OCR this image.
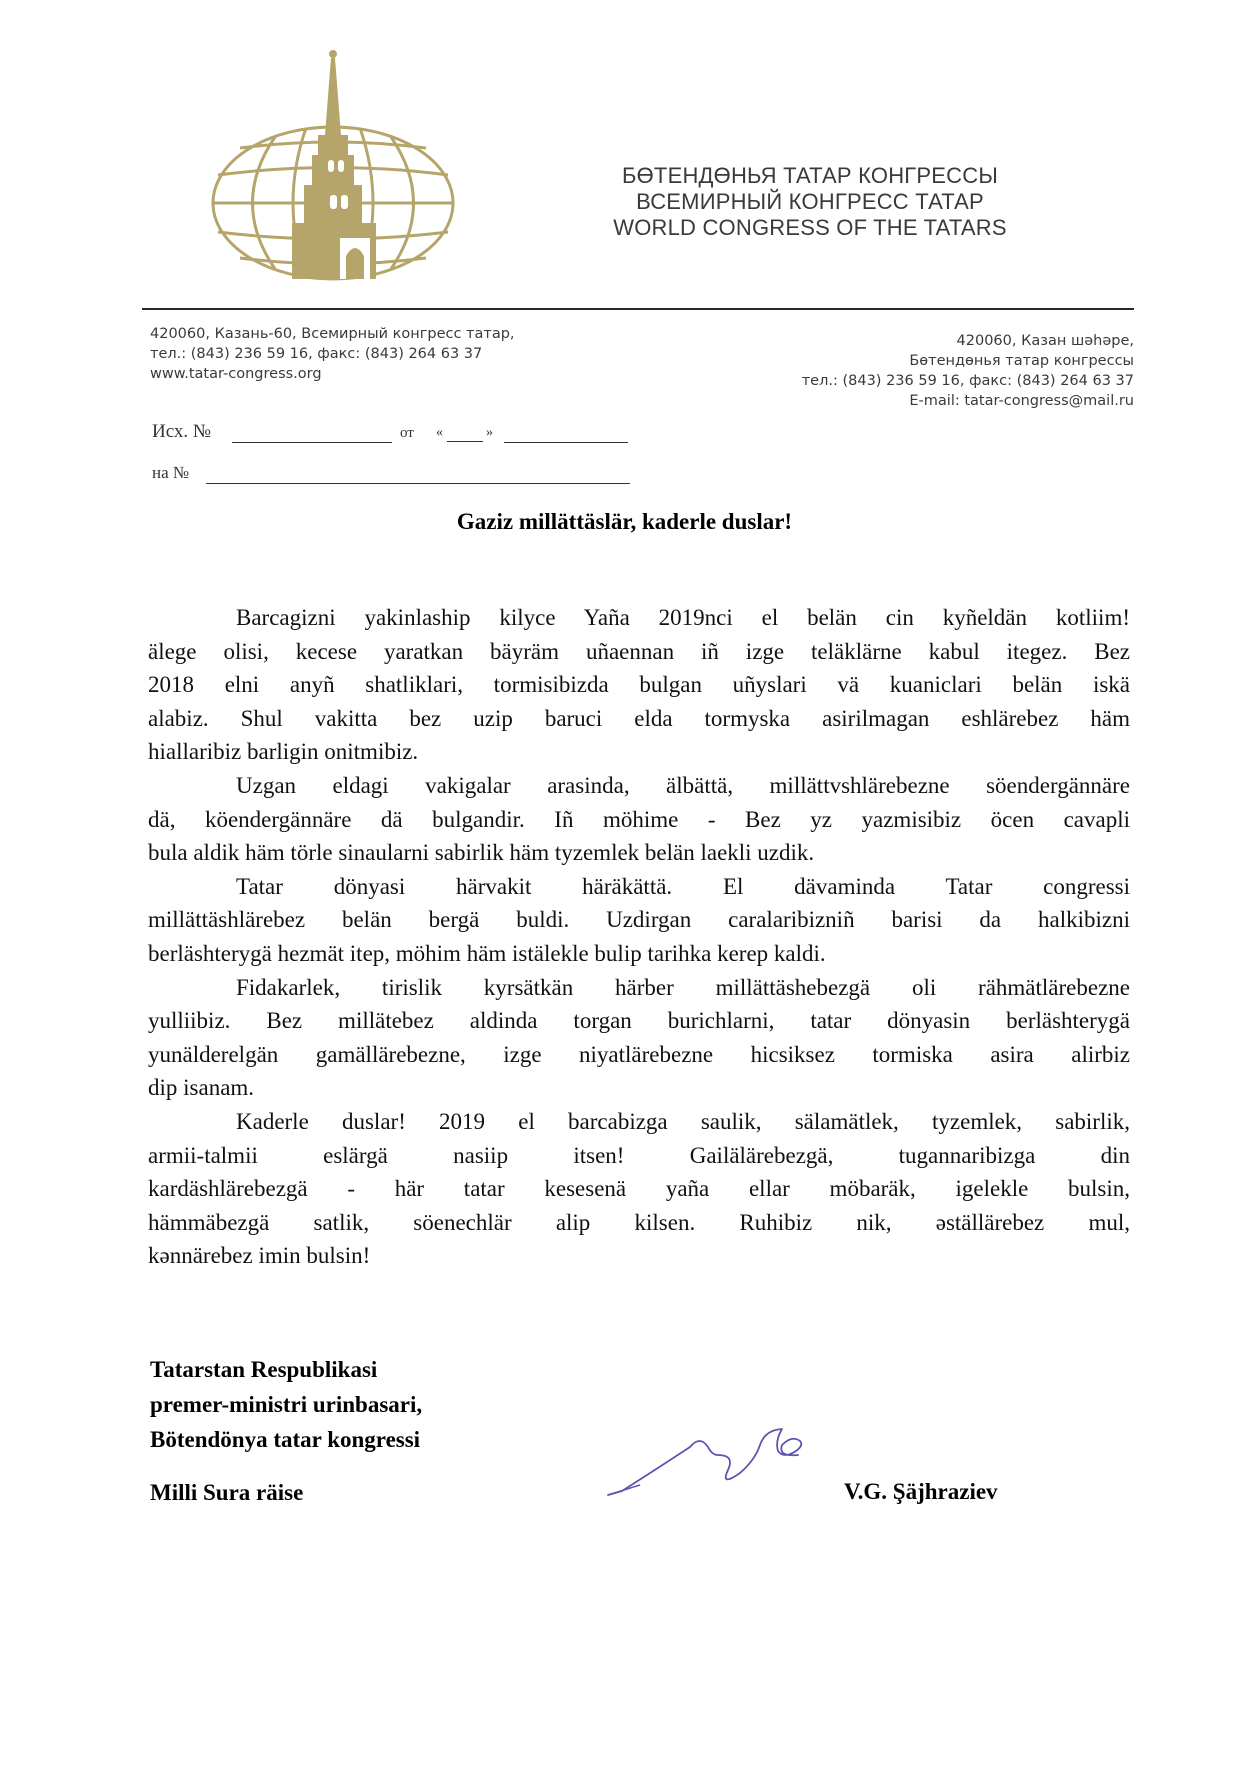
БӨТЕНДӨНЬЯ ТАТАР КОНГРЕССЫ
ВСЕМИРНЫЙ КОНГРЕСС ТАТАР
WORLD CONGRESS OF THE TATARS
420060, Казань-60, Всемирный конгресс татар,
тел.: (843) 236 59 16, факс: (843) 264 63 37
www.tatar-congress.org
420060, Казан шәһәре,
Бөтендөнья татар конгрессы
тел.: (843) 236 59 16, факс: (843) 264 63 37
E-mail: tatar-congress@mail.ru
Исх. №	от «	»
на №
Gaziz millättäslär, kaderle duslar!
Barcagizni yakinlaship kilyce Yaña 2019nci el belän cin kyñeldän kotliim!
älege olisi, kecese yaratkan bäyräm uñaennan iñ izge teläklärne kabul itegez. Bez
2018 elni anyñ shatliklari, tormisibizda bulgan uñyslari vä kuaniclari belän iskä
alabiz. Shul vakitta bez uzip baruci elda tormyska asirilmagan eshlärebez häm
hiallaribiz barligin onitmibiz.
Uzgan eldagi vakigalar arasinda, älbättä, millättvshlärebezne söendergännäre
dä, köendergännäre dä bulgandir. Iñ möhime - Bez yz yazmisibiz öcen cavapli
bula aldik häm törle sinaularni sabirlik häm tyzemlek belän laekli uzdik.
Tatar dönyasi härvakit häräkättä. El dävaminda Tatar congressi
millättäshlärebez belän bergä buldi. Uzdirgan caralaribizniñ barisi da halkibizni
berläshterygä hezmät itep, möhim häm istälekle bulip tarihka kerep kaldi.
Fidakarlek, tirislik kyrsätkän härber millättäshebezgä oli rähmätlärebezne
yulliibiz. Bez millätebez aldinda torgan burichlarni, tatar dönyasin berläshterygä
yunälderelgän gamällärebezne, izge niyatlärebezne hicsiksez tormiska asira alirbiz
dip isanam.
Kaderle duslar! 2019 el barcabizga saulik, sälamätlek, tyzemlek, sabirlik,
armii-talmii eslärgä nasiip itsen! Gailälärebezgä, tugannaribizga din
kardäshlärebezgä - här tatar kesesenä yaña ellar möbaräk, igelekle bulsin,
hämmäbezgä satlik, söenechlär alip kilsen. Ruhibiz nik, əställärebez mul,
kənnärebez imin bulsin!
Tatarstan Respublikasi
premer-ministri urinbasari,
Bötendönya tatar kongressi
Milli Sura räise	V.G. Şäjhraziev
